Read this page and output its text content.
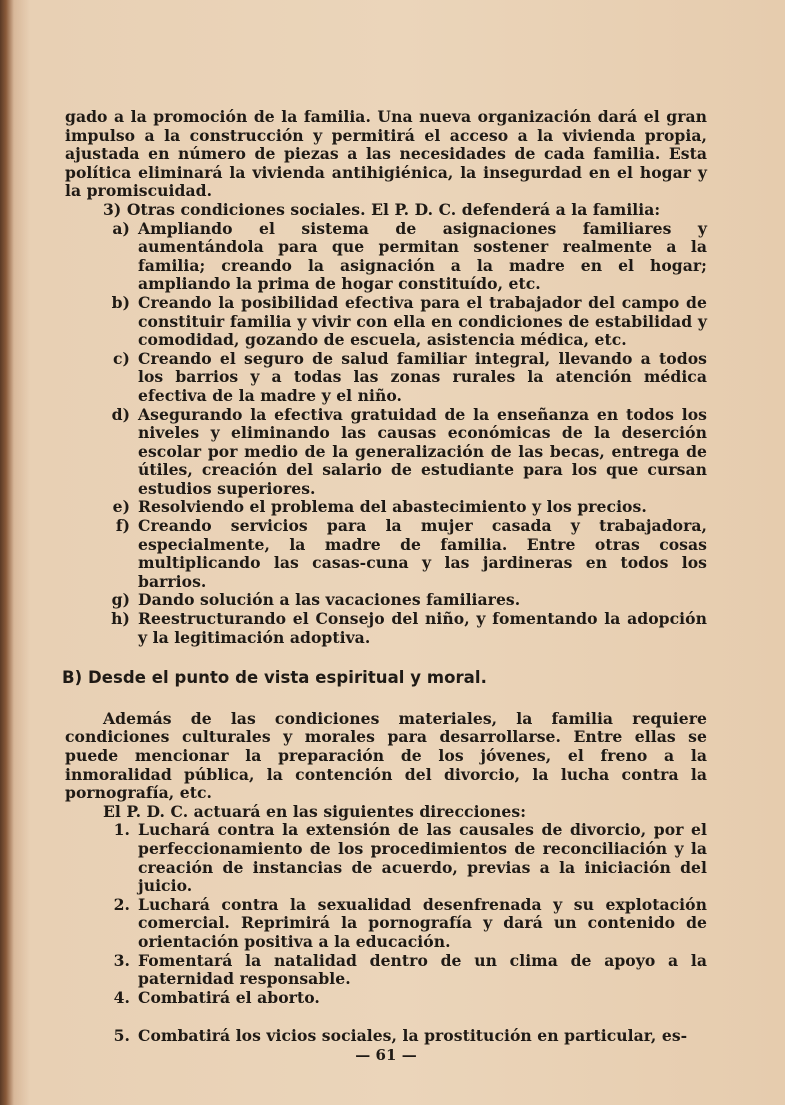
gado a la promoción de la familia. Una nueva organización dará el gran impulso a la construcción y permitirá el acceso a la vivienda propia, ajustada en número de piezas a las necesidades de cada familia. Esta política eliminará la vivienda antihigiénica, la insegurdad en el hogar y la promiscuidad.

3) Otras condiciones sociales. El P. D. C. defenderá a la familia:

a) Ampliando el sistema de asignaciones familiares y aumentándola para que permitan sostener realmente a la familia; creando la asignación a la madre en el hogar; ampliando la prima de hogar constituído, etc.
b) Creando la posibilidad efectiva para el trabajador del campo de constituir familia y vivir con ella en condiciones de estabilidad y comodidad, gozando de escuela, asistencia médica, etc.
c) Creando el seguro de salud familiar integral, llevando a todos los barrios y a todas las zonas rurales la atención médica efectiva de la madre y el niño.
d) Asegurando la efectiva gratuidad de la enseñanza en todos los niveles y eliminando las causas económicas de la deserción escolar por medio de la generalización de las becas, entrega de útiles, creación del salario de estudiante para los que cursan estudios superiores.
e) Resolviendo el problema del abastecimiento y los precios.
f) Creando servicios para la mujer casada y trabajadora, especialmente, la madre de familia. Entre otras cosas multiplicando las casas-cuna y las jardineras en todos los barrios.
g) Dando solución a las vacaciones familiares.
h) Reestructurando el Consejo del niño, y fomentando la adopción y la legitimación adoptiva.
B) Desde el punto de vista espiritual y moral.

Además de las condiciones materiales, la familia requiere condiciones culturales y morales para desarrollarse. Entre ellas se puede mencionar la preparación de los jóvenes, el freno a la inmoralidad pública, la contención del divorcio, la lucha contra la pornografía, etc.

El P. D. C. actuará en las siguientes direcciones:

1. Luchará contra la extensión de las causales de divorcio, por el perfeccionamiento de los procedimientos de reconciliación y la creación de instancias de acuerdo, previas a la iniciación del juicio.
2. Luchará contra la sexualidad desenfrenada y su explotación comercial. Reprimirá la pornografía y dará un contenido de orientación positiva a la educación.
3. Fomentará la natalidad dentro de un clima de apoyo a la paternidad responsable.
4. Combatirá el aborto.
5. Combatirá los vicios sociales, la prostitución en particular, es-
— 61 —
